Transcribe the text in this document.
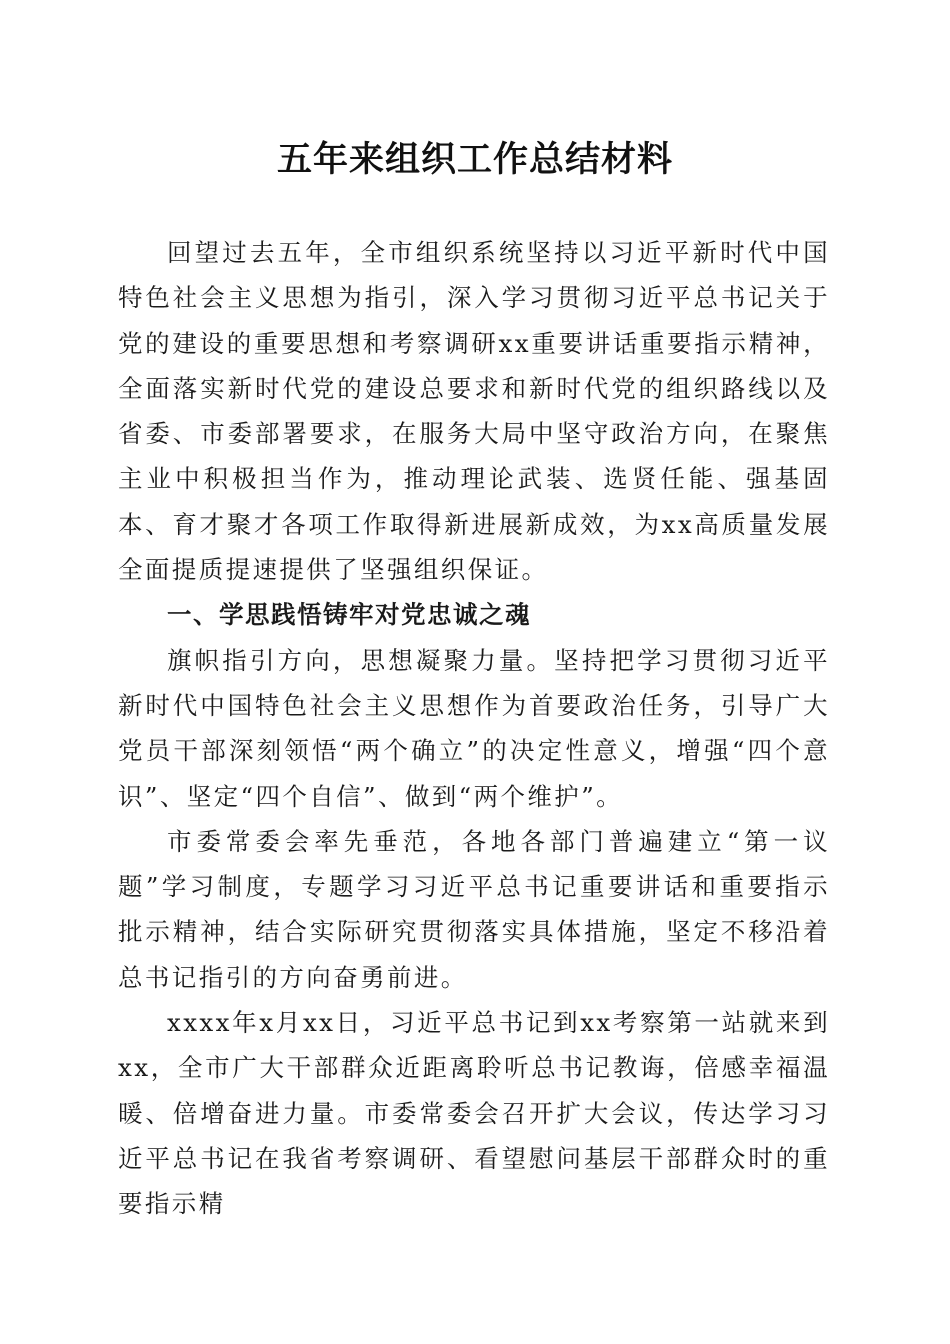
五年来组织工作总结材料

回望过去五年，全市组织系统坚持以习近平新时代中国特色社会主义思想为指引，深入学习贯彻习近平总书记关于党的建设的重要思想和考察调研xx重要讲话重要指示精神，全面落实新时代党的建设总要求和新时代党的组织路线以及省委、市委部署要求，在服务大局中坚守政治方向，在聚焦主业中积极担当作为，推动理论武装、选贤任能、强基固本、育才聚才各项工作取得新进展新成效，为xx高质量发展全面提质提速提供了坚强组织保证。

一、学思践悟铸牢对党忠诚之魂

旗帜指引方向，思想凝聚力量。坚持把学习贯彻习近平新时代中国特色社会主义思想作为首要政治任务，引导广大党员干部深刻领悟“两个确立”的决定性意义，增强“四个意识”、坚定“四个自信”、做到“两个维护”。

市委常委会率先垂范，各地各部门普遍建立“第一议题”学习制度，专题学习习近平总书记重要讲话和重要指示批示精神，结合实际研究贯彻落实具体措施，坚定不移沿着总书记指引的方向奋勇前进。

xxxx年x月xx日，习近平总书记到xx考察第一站就来到xx，全市广大干部群众近距离聆听总书记教诲，倍感幸福温暖、倍增奋进力量。市委常委会召开扩大会议，传达学习习近平总书记在我省考察调研、看望慰问基层干部群众时的重要指示精
